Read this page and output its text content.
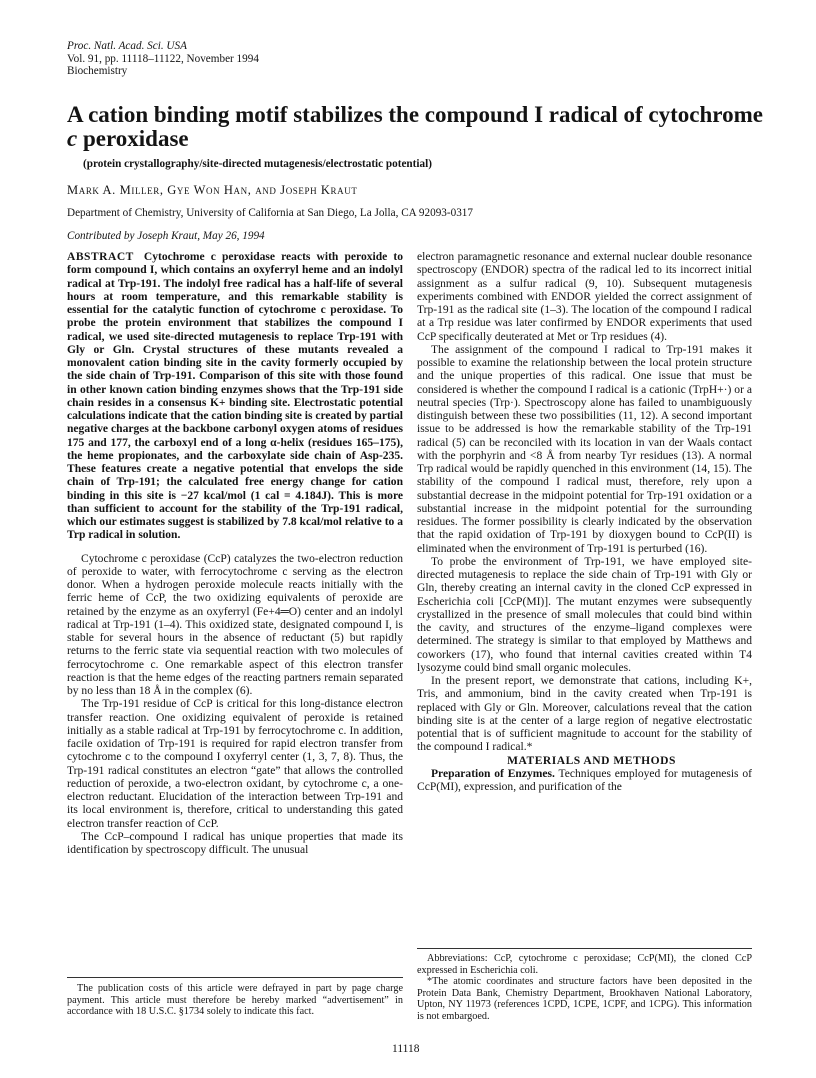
Proc. Natl. Acad. Sci. USA
Vol. 91, pp. 11118–11122, November 1994
Biochemistry
A cation binding motif stabilizes the compound I radical of cytochrome c peroxidase
(protein crystallography/site-directed mutagenesis/electrostatic potential)
Mark A. Miller, Gye Won Han, and Joseph Kraut
Department of Chemistry, University of California at San Diego, La Jolla, CA 92093-0317
Contributed by Joseph Kraut, May 26, 1994

ABSTRACT Cytochrome c peroxidase reacts with peroxide to form compound I, which contains an oxyferryl heme and an indolyl radical at Trp-191. The indolyl free radical has a half-life of several hours at room temperature, and this remarkable stability is essential for the catalytic function of cytochrome c peroxidase. To probe the protein environment that stabilizes the compound I radical, we used site-directed mutagenesis to replace Trp-191 with Gly or Gln. Crystal structures of these mutants revealed a monovalent cation binding site in the cavity formerly occupied by the side chain of Trp-191. Comparison of this site with those found in other known cation binding enzymes shows that the Trp-191 side chain resides in a consensus K+ binding site. Electrostatic potential calculations indicate that the cation binding site is created by partial negative charges at the backbone carbonyl oxygen atoms of residues 175 and 177, the carboxyl end of a long α-helix (residues 165–175), the heme propionates, and the carboxylate side chain of Asp-235. These features create a negative potential that envelops the side chain of Trp-191; the calculated free energy change for cation binding in this site is −27 kcal/mol (1 cal = 4.184J). This is more than sufficient to account for the stability of the Trp-191 radical, which our estimates suggest is stabilized by 7.8 kcal/mol relative to a Trp radical in solution.

Cytochrome c peroxidase (CcP) catalyzes the two-electron reduction of peroxide to water, with ferrocytochrome c serving as the electron donor. When a hydrogen peroxide molecule reacts initially with the ferric heme of CcP, the two oxidizing equivalents of peroxide are retained by the enzyme as an oxyferryl (Fe+4═O) center and an indolyl radical at Trp-191 (1–4). This oxidized state, designated compound I, is stable for several hours in the absence of reductant (5) but rapidly returns to the ferric state via sequential reaction with two molecules of ferrocytochrome c. One remarkable aspect of this electron transfer reaction is that the heme edges of the reacting partners remain separated by no less than 18 Å in the complex (6).

The Trp-191 residue of CcP is critical for this long-distance electron transfer reaction. One oxidizing equivalent of peroxide is retained initially as a stable radical at Trp-191 by ferrocytochrome c. In addition, facile oxidation of Trp-191 is required for rapid electron transfer from cytochrome c to the compound I oxyferryl center (1, 3, 7, 8). Thus, the Trp-191 radical constitutes an electron “gate” that allows the controlled reduction of peroxide, a two-electron oxidant, by cytochrome c, a one-electron reductant. Elucidation of the interaction between Trp-191 and its local environment is, therefore, critical to understanding this gated electron transfer reaction of CcP.

The CcP–compound I radical has unique properties that made its identification by spectroscopy difficult. The unusual

electron paramagnetic resonance and external nuclear double resonance spectroscopy (ENDOR) spectra of the radical led to its incorrect initial assignment as a sulfur radical (9, 10). Subsequent mutagenesis experiments combined with ENDOR yielded the correct assignment of Trp-191 as the radical site (1–3). The location of the compound I radical at a Trp residue was later confirmed by ENDOR experiments that used CcP specifically deuterated at Met or Trp residues (4).

The assignment of the compound I radical to Trp-191 makes it possible to examine the relationship between the local protein structure and the unique properties of this radical. One issue that must be considered is whether the compound I radical is a cationic (TrpH+·) or a neutral species (Trp·). Spectroscopy alone has failed to unambiguously distinguish between these two possibilities (11, 12). A second important issue to be addressed is how the remarkable stability of the Trp-191 radical (5) can be reconciled with its location in van der Waals contact with the porphyrin and <8 Å from nearby Tyr residues (13). A normal Trp radical would be rapidly quenched in this environment (14, 15). The stability of the compound I radical must, therefore, rely upon a substantial decrease in the midpoint potential for Trp-191 oxidation or a substantial increase in the midpoint potential for the surrounding residues. The former possibility is clearly indicated by the observation that the rapid oxidation of Trp-191 by dioxygen bound to CcP(II) is eliminated when the environment of Trp-191 is perturbed (16).

To probe the environment of Trp-191, we have employed site-directed mutagenesis to replace the side chain of Trp-191 with Gly or Gln, thereby creating an internal cavity in the cloned CcP expressed in Escherichia coli [CcP(MI)]. The mutant enzymes were subsequently crystallized in the presence of small molecules that could bind within the cavity, and structures of the enzyme–ligand complexes were determined. The strategy is similar to that employed by Matthews and coworkers (17), who found that internal cavities created within T4 lysozyme could bind small organic molecules.

In the present report, we demonstrate that cations, including K+, Tris, and ammonium, bind in the cavity created when Trp-191 is replaced with Gly or Gln. Moreover, calculations reveal that the cation binding site is at the center of a large region of negative electrostatic potential that is of sufficient magnitude to account for the stability of the compound I radical.*

MATERIALS AND METHODS

Preparation of Enzymes. Techniques employed for mutagenesis of CcP(MI), expression, and purification of the

The publication costs of this article were defrayed in part by page charge payment. This article must therefore be hereby marked “advertisement” in accordance with 18 U.S.C. §1734 solely to indicate this fact.

Abbreviations: CcP, cytochrome c peroxidase; CcP(MI), the cloned CcP expressed in Escherichia coli.

*The atomic coordinates and structure factors have been deposited in the Protein Data Bank, Chemistry Department, Brookhaven National Laboratory, Upton, NY 11973 (references 1CPD, 1CPE, 1CPF, and 1CPG). This information is not embargoed.

11118
